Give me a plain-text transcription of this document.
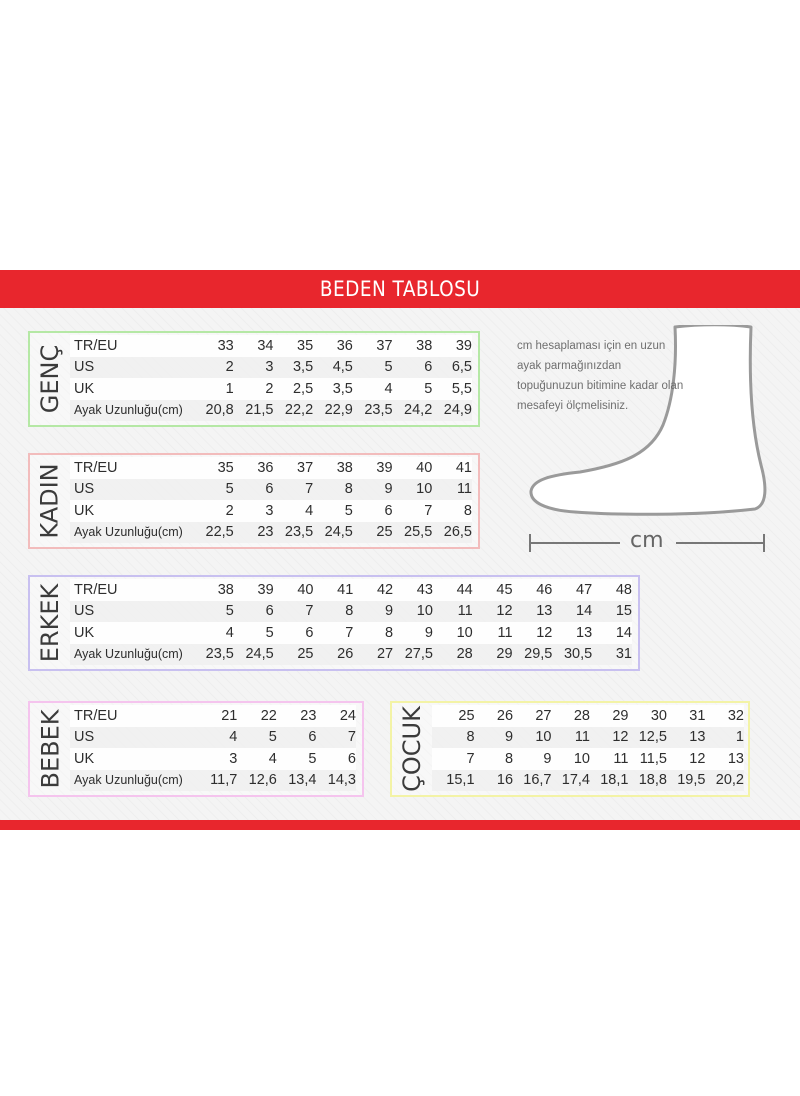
BEDEN TABLOSU
GENÇ TR/EU	33	34	35	36	37	38	39
US	2	3	3,5	4,5	5	6	6,5
UK	1	2	2,5	3,5	4	5	5,5
Ayak Uzunluğu(cm)	20,8	21,5	22,2	22,9	23,5	24,2	24,9
KADIN TR/EU	35	36	37	38	39	40	41
US	5	6	7	8	9	10	11
UK	2	3	4	5	6	7	8
Ayak Uzunluğu(cm)	22,5	23	23,5	24,5	25	25,5	26,5
ERKEK TR/EU	38	39	40	41	42	43	44	45	46	47	48
US	5	6	7	8	9	10	11	12	13	14	15
UK	4	5	6	7	8	9	10	11	12	13	14
Ayak Uzunluğu(cm)	23,5	24,5	25	26	27	27,5	28	29	29,5	30,5	31
BEBEK TR/EU	21	22	23	24
US	4	5	6	7
UK	3	4	5	6
Ayak Uzunluğu(cm)	11,7	12,6	13,4	14,3 ÇOCUK
	25	26	27	28	29	30	31	32
	8	9	10	11	12	12,5	13	1
	7	8	9	10	11	11,5	12	13
	15,1	16	16,7	17,4	18,1	18,8	19,5	20,2
cm
cm hesaplaması için en uzun ayak parmağınızdan topuğunuzun bitimine kadar olan mesafeyi ölçmelisiniz.
